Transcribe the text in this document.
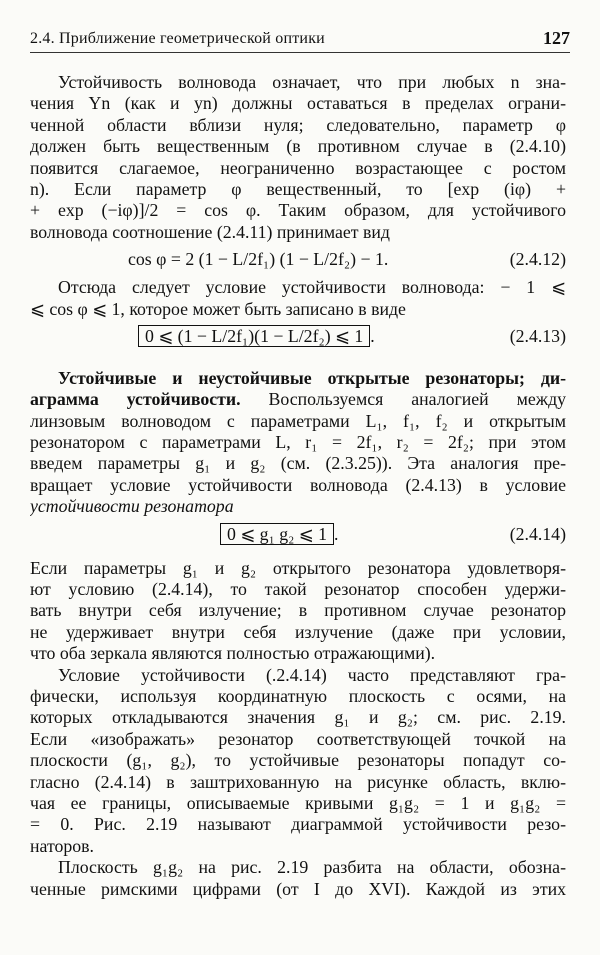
2.4. Приближение геометрической оптики	127
Устойчивость волновода означает, что при любых n зна-
чения Yn (как и yn) должны оставаться в пределах ограни-
ченной области вблизи нуля; следовательно, параметр φ
должен быть вещественным (в противном случае в (2.4.10)
появится слагаемое, неограниченно возрастающее с ростом
n). Если параметр φ вещественный, то [exp (iφ) +
+ exp (−iφ)]/2 = cos φ. Таким образом, для устойчивого
волновода соотношение (2.4.11) принимает вид
cos φ = 2 (1 − L/2f₁) (1 − L/2f₂) − 1.	(2.4.12)
Отсюда следует условие устойчивости волновода: − 1 ⩽
⩽ cos φ ⩽ 1, которое может быть записано в виде
0 ⩽ (1 − L/2f₁)(1 − L/2f₂) ⩽ 1 .	(2.4.13)
Устойчивые и неустойчивые открытые резонаторы; ди-
аграмма устойчивости. Воспользуемся аналогией между
линзовым волноводом с параметрами L₁, f₁, f₂ и открытым
резонатором с параметрами L, r₁ = 2f₁, r₂ = 2f₂; при этом
введем параметры g₁ и g₂ (см. (2.3.25)). Эта аналогия пре-
вращает условие устойчивости волновода (2.4.13) в условие
устойчивости резонатора
0 ⩽ g₁ g₂ ⩽ 1 .	(2.4.14)
Если параметры g₁ и g₂ открытого резонатора удовлетворя-
ют условию (2.4.14), то такой резонатор способен удержи-
вать внутри себя излучение; в противном случае резонатор
не удерживает внутри себя излучение (даже при условии,
что оба зеркала являются полностью отражающими).
Условие устойчивости (.2.4.14) часто представляют гра-
фически, используя координатную плоскость с осями, на
которых откладываются значения g₁ и g₂; см. рис. 2.19.
Если «изображать» резонатор соответствующей точкой на
плоскости (g₁, g₂), то устойчивые резонаторы попадут со-
гласно (2.4.14) в заштрихованную на рисунке область, вклю-
чая ее границы, описываемые кривыми g₁g₂ = 1 и g₁g₂ =
= 0. Рис. 2.19 называют диаграммой устойчивости резо-
наторов.
Плоскость g₁g₂ на рис. 2.19 разбита на области, обозна-
ченные римскими цифрами (от I до XVI). Каждой из этих
